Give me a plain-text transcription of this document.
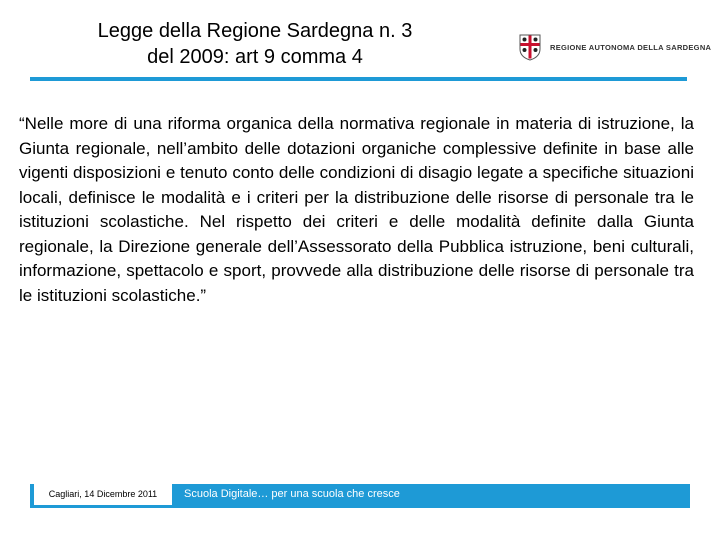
Legge della Regione Sardegna n. 3
del 2009: art 9 comma 4	REGIONE AUTONOMA DELLA SARDEGNA

“Nelle more di una riforma organica della normativa regionale in materia di istruzione, la Giunta regionale, nell’ambito delle dotazioni organiche complessive definite in base alle vigenti disposizioni e tenuto conto delle condizioni di disagio legate a specifiche situazioni locali, definisce le modalità e i criteri per la distribuzione delle risorse di personale tra le istituzioni scolastiche. Nel rispetto dei criteri e delle modalità definite dalla Giunta regionale, la Direzione generale dell’Assessorato della Pubblica istruzione, beni culturali, informazione, spettacolo e sport, provvede alla distribuzione delle risorse di personale tra le istituzioni scolastiche.”

Cagliari, 14 Dicembre 2011	Scuola Digitale… per una scuola che cresce
